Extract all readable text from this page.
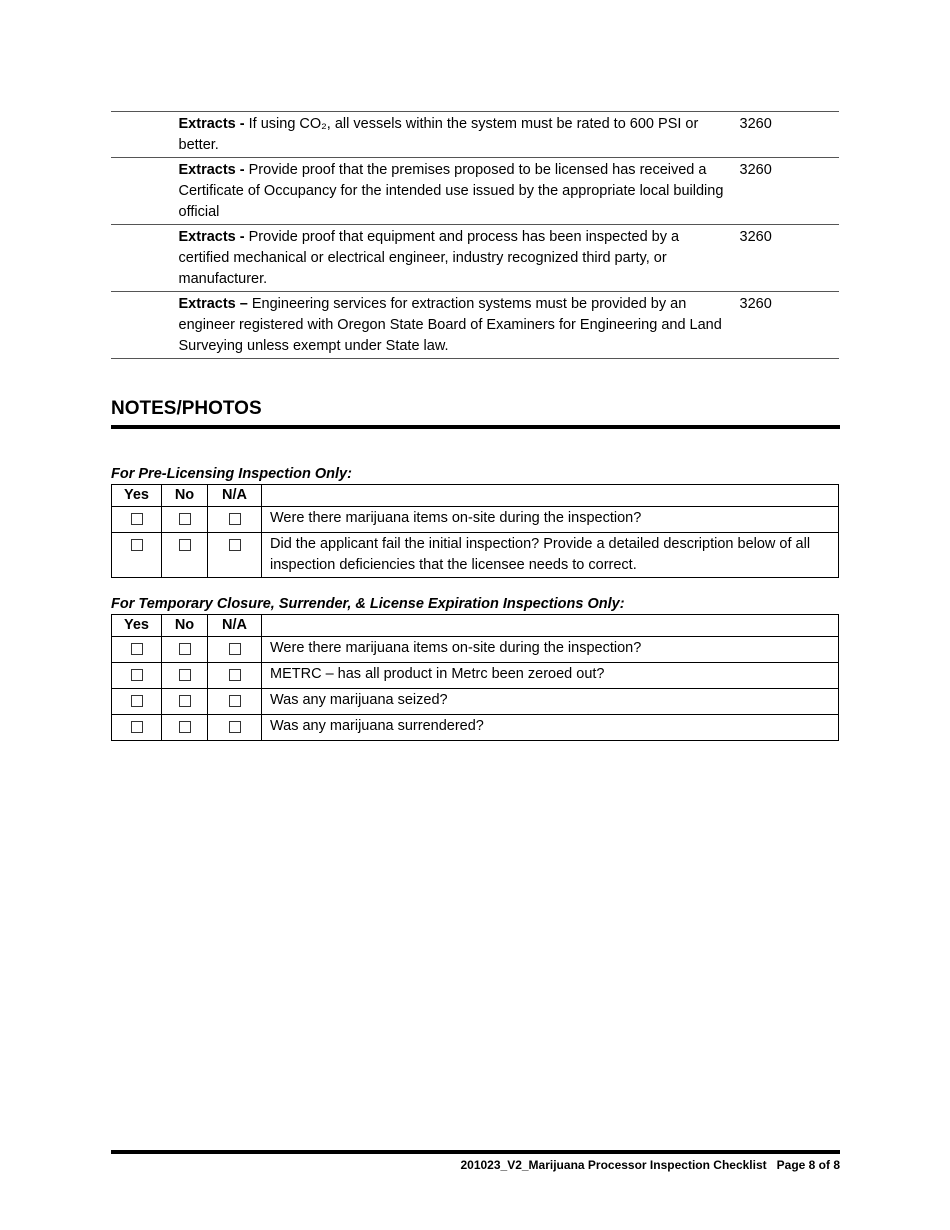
	Extracts - If using CO₂, all vessels within the system must be rated to 600 PSI or better.	3260
	Extracts - Provide proof that the premises proposed to be licensed has received a Certificate of Occupancy for the intended use issued by the appropriate local building official	3260
	Extracts - Provide proof that equipment and process has been inspected by a certified mechanical or electrical engineer, industry recognized third party, or manufacturer.	3260
	Extracts – Engineering services for extraction systems must be provided by an engineer registered with Oregon State Board of Examiners for Engineering and Land Surveying unless exempt under State law.	3260
NOTES/PHOTOS
For Pre-Licensing Inspection Only:
Yes	No	N/A	
			Were there marijuana items on-site during the inspection?
			Did the applicant fail the initial inspection? Provide a detailed description below of all inspection deficiencies that the licensee needs to correct.
For Temporary Closure, Surrender, & License Expiration Inspections Only:
Yes	No	N/A	
			Were there marijuana items on-site during the inspection?
			METRC – has all product in Metrc been zeroed out?
			Was any marijuana seized?
			Was any marijuana surrendered?
201023_V2_Marijuana Processor Inspection Checklist Page 8 of 8
